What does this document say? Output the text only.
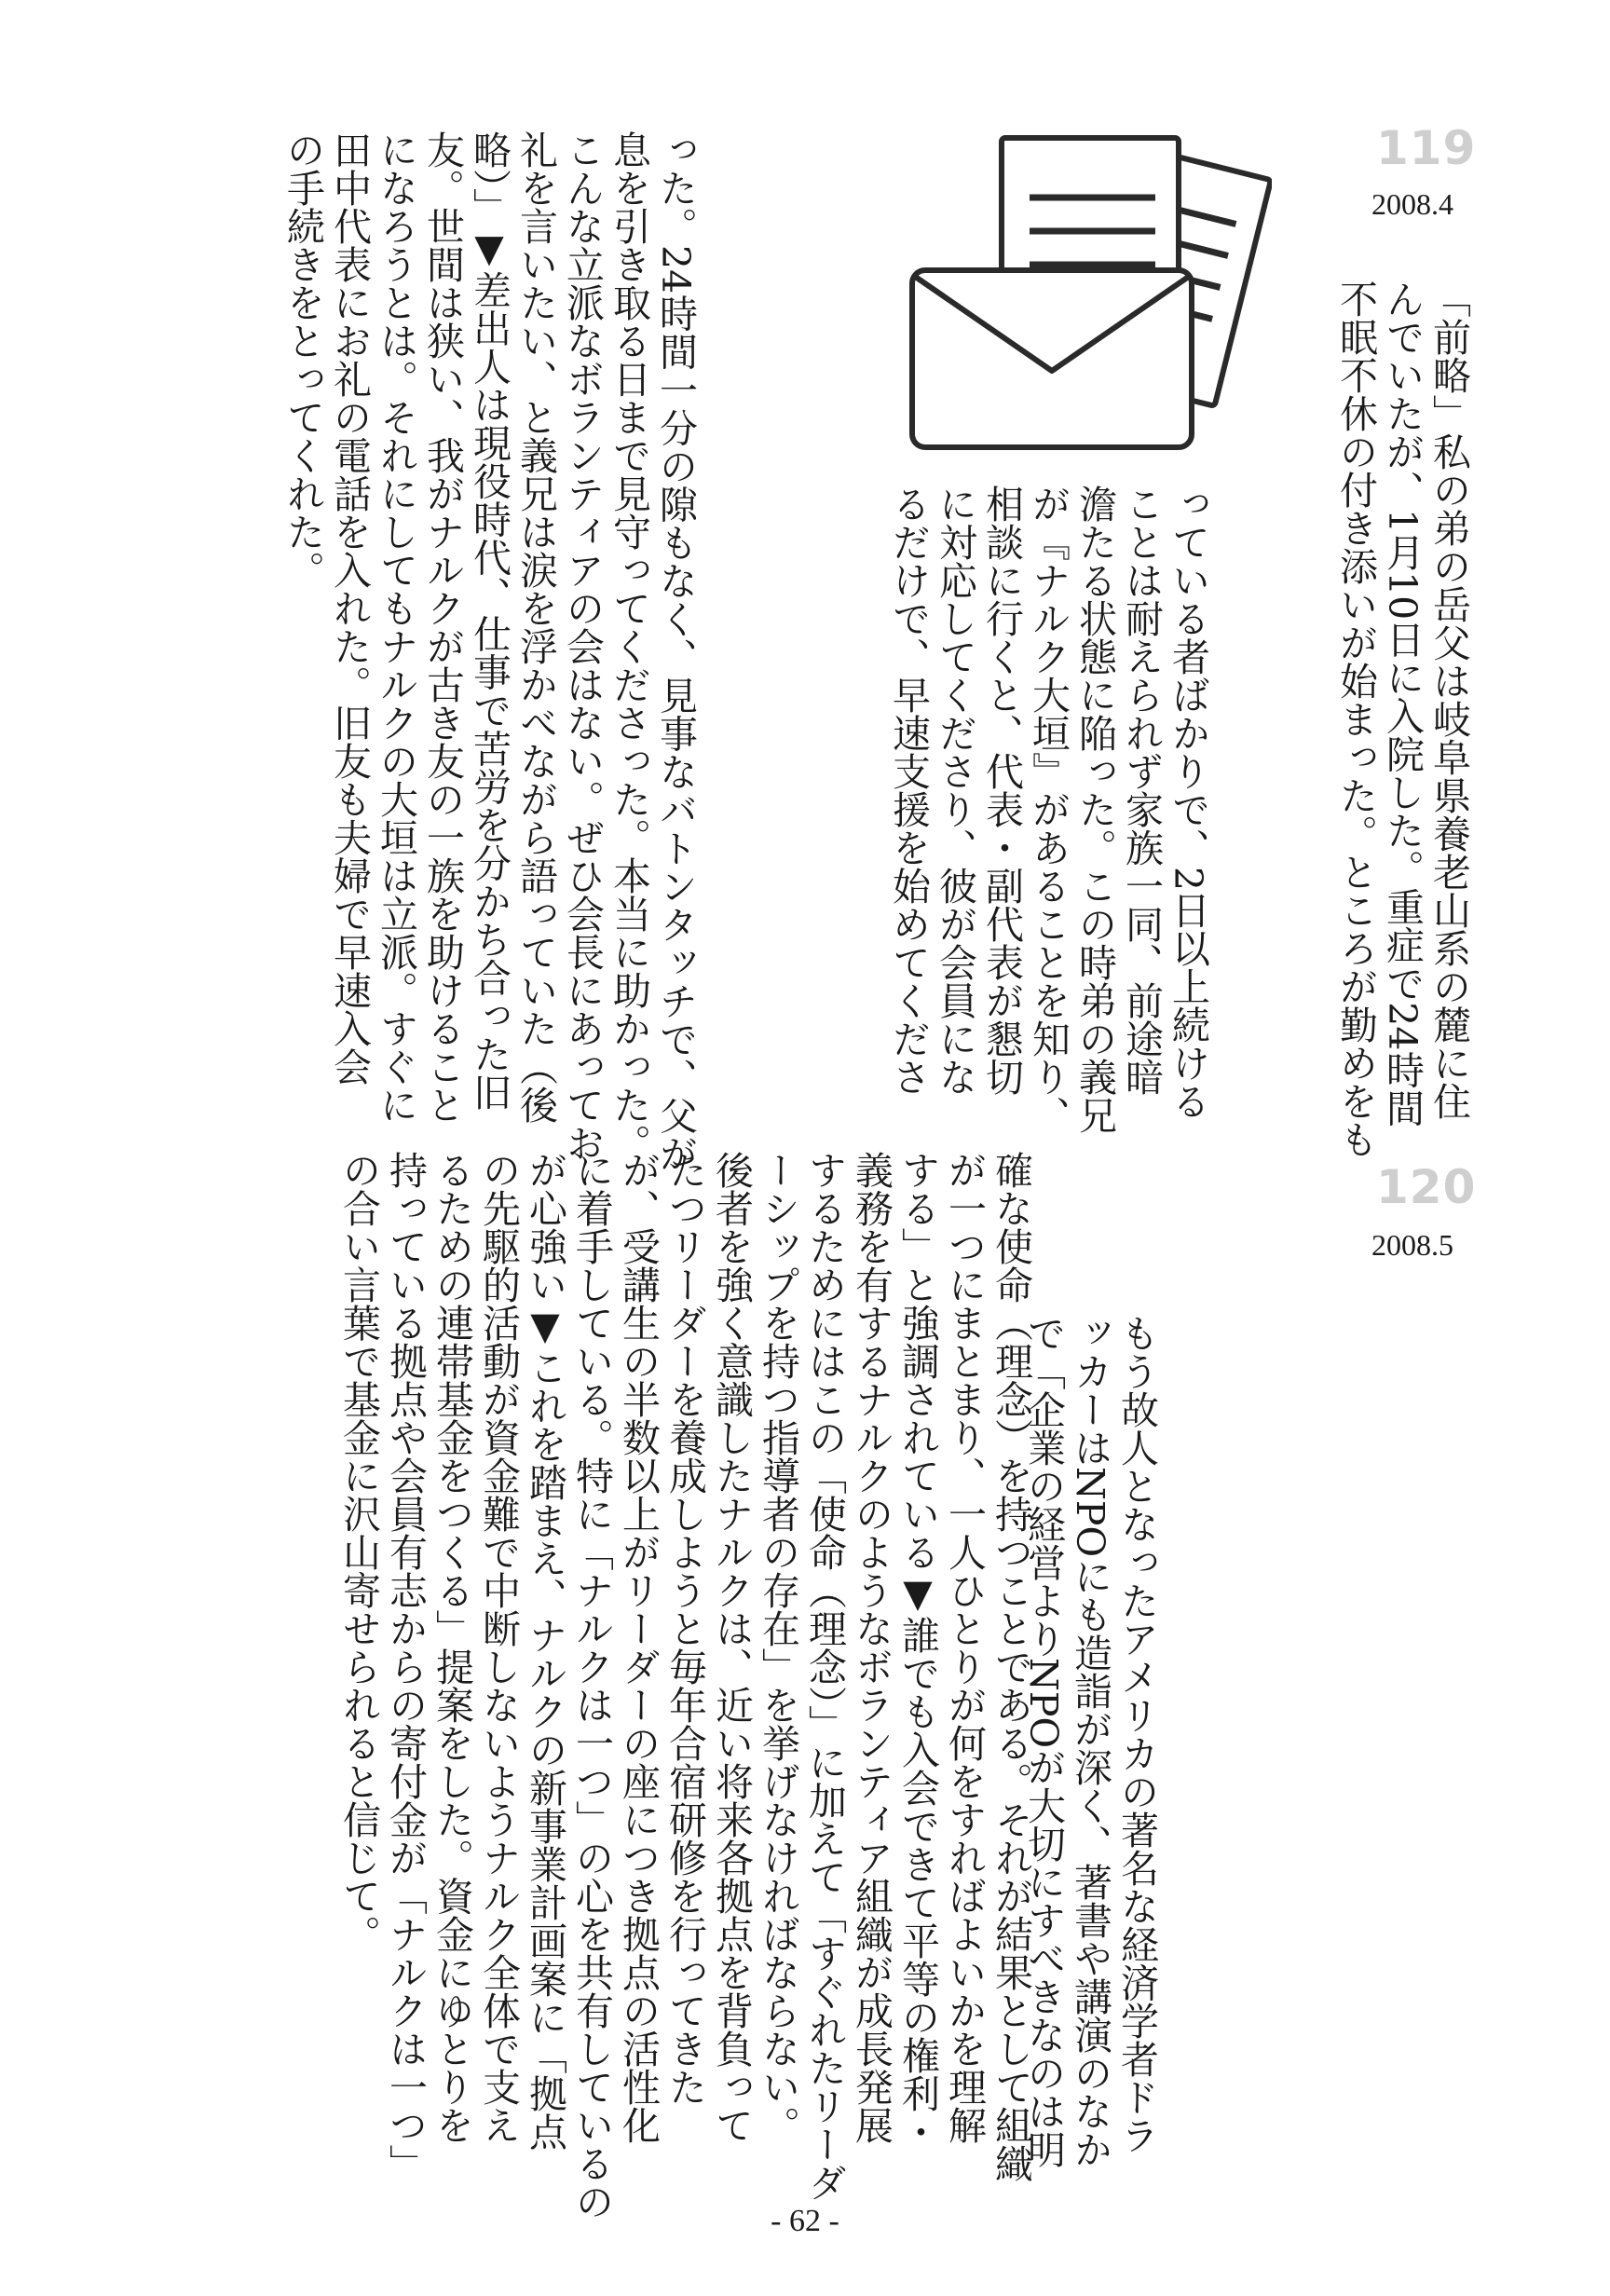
119
2008.4
「前略」私の弟の岳父は岐阜県養老山系の麓に住
んでいたが、1月10日に入院した。重症で24時間
不眠不休の付き添いが始まった。ところが勤めをも
っている者ばかりで、2日以上続ける
ことは耐えられず家族一同、前途暗
澹たる状態に陥った。この時弟の義兄
が『ナルク大垣』があることを知り、
相談に行くと、代表・副代表が懇切
に対応してくださり、彼が会員にな
るだけで、早速支援を始めてくださ
った。24時間一分の隙もなく、見事なバトンタッチで、父が
息を引き取る日まで見守ってくださった。本当に助かった。
こんな立派なボランティアの会はない。ぜひ会長にあってお
礼を言いたい、と義兄は涙を浮かべながら語っていた（後
略）」▼差出人は現役時代、仕事で苦労を分かち合った旧
友。世間は狭い、我がナルクが古き友の一族を助けること
になろうとは。それにしてもナルクの大垣は立派。すぐに
田中代表にお礼の電話を入れた。旧友も夫婦で早速入会
の手続きをとってくれた。
120
2008.5
もう故人となったアメリカの著名な経済学者ドラ
ッカーはNPOにも造詣が深く、著書や講演のなか
で「企業の経営よりNPOが大切にすべきなのは明
確な使命（理念）を持つことである。それが結果として組織
が一つにまとまり、一人ひとりが何をすればよいかを理解
する」と強調されている▼誰でも入会できて平等の権利・
義務を有するナルクのようなボランティア組織が成長発展
するためにはこの「使命（理念）」に加えて「すぐれたリーダ
ーシップを持つ指導者の存在」を挙げなければならない。
後者を強く意識したナルクは、近い将来各拠点を背負って
たつリーダーを養成しようと毎年合宿研修を行ってきた
が、受講生の半数以上がリーダーの座につき拠点の活性化
に着手している。特に「ナルクは一つ」の心を共有しているの
が心強い▼これを踏まえ、ナルクの新事業計画案に「拠点
の先駆的活動が資金難で中断しないようナルク全体で支え
るための連帯基金をつくる」提案をした。資金にゆとりを
持っている拠点や会員有志からの寄付金が「ナルクは一つ」
の合い言葉で基金に沢山寄せられると信じて。
- 62 -
